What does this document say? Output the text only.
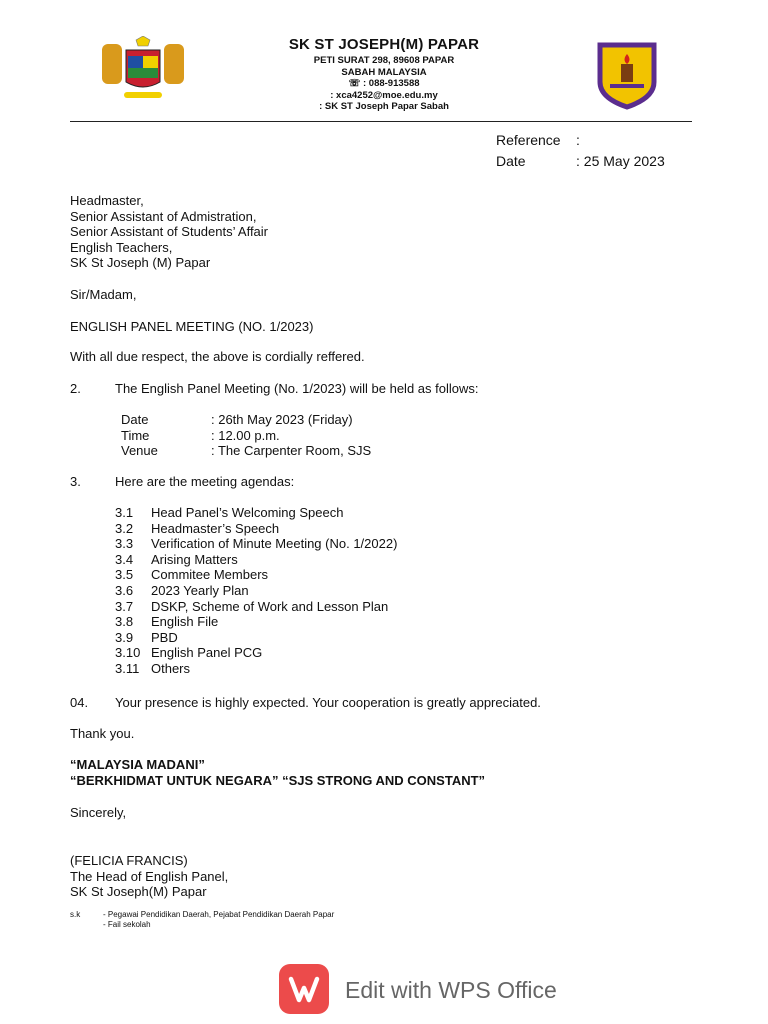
SK ST JOSEPH(M) PAPAR
PETI SURAT 298, 89608 PAPAR
SABAH MALAYSIA
☏ : 088-913588
: xca4252@moe.edu.my
: SK ST Joseph Papar Sabah
Reference :
Date	: 25 May 2023
Headmaster,
Senior Assistant of Admistration,
Senior Assistant of Students’ Affair
English Teachers,
SK St Joseph (M) Papar
Sir/Madam,
ENGLISH PANEL MEETING (NO. 1/2023)
With all due respect, the above is cordially reffered.
2.	The English Panel Meeting (No. 1/2023) will be held as follows:
Date	: 26th May 2023 (Friday)
Time	: 12.00 p.m.
Venue	: The Carpenter Room, SJS
3.	Here are the meeting agendas:
3.1 Head Panel’s Welcoming Speech
3.2 Headmaster’s Speech
3.3 Verification of Minute Meeting (No. 1/2022)
3.4 Arising Matters
3.5 Commitee Members
3.6 2023 Yearly Plan
3.7 DSKP, Scheme of Work and Lesson Plan
3.8 English File
3.9 PBD
3.10 English Panel PCG
3.11 Others
04. Your presence is highly expected. Your cooperation is greatly appreciated.
Thank you.
“MALAYSIA MADANI”
“BERKHIDMAT UNTUK NEGARA” “SJS STRONG AND CONSTANT”
Sincerely,
(FELICIA FRANCIS)
The Head of English Panel,
SK St Joseph(M) Papar
s.k	- Pegawai Pendidikan Daerah, Pejabat Pendidikan Daerah Papar
- Fail sekolah
Edit with WPS Office
